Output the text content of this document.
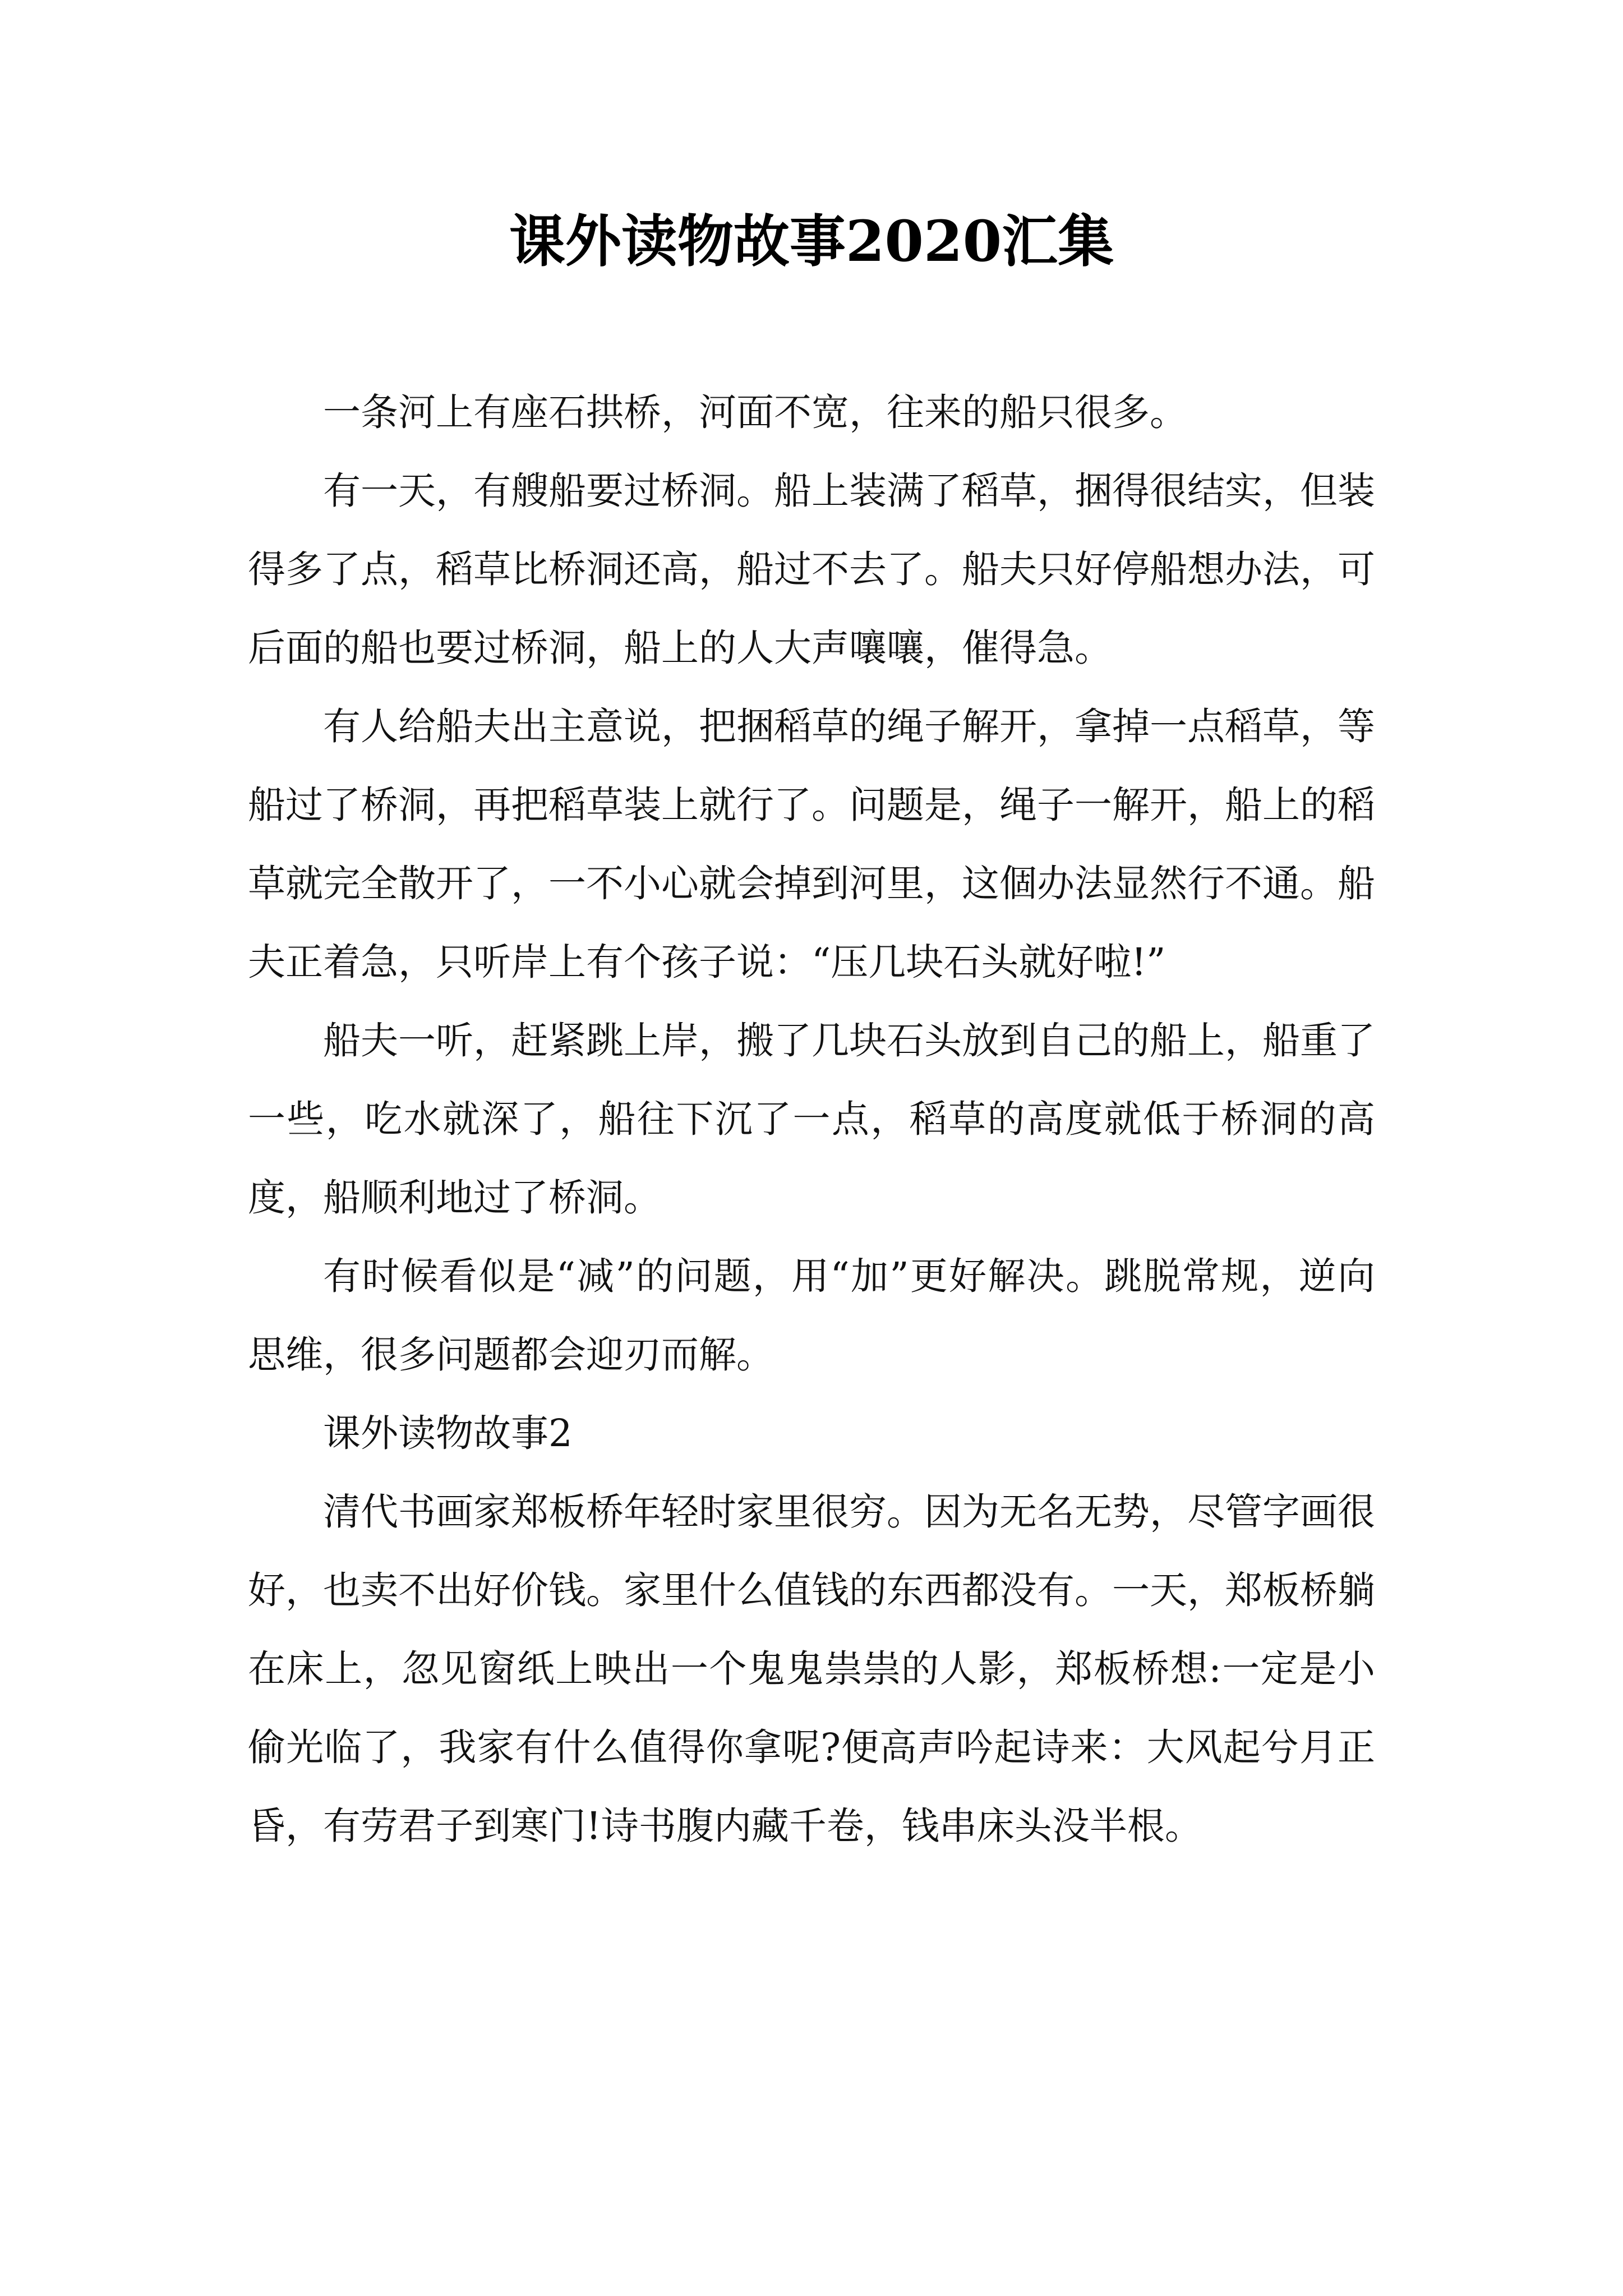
课外读物故事2020汇集

一条河上有座石拱桥，河面不宽，往来的船只很多。

有一天，有艘船要过桥洞。船上装满了稻草，捆得很结实，但装得多了点，稻草比桥洞还高，船过不去了。船夫只好停船想办法，可后面的船也要过桥洞，船上的人大声嚷嚷，催得急。

有人给船夫出主意说，把捆稻草的绳子解开，拿掉一点稻草，等船过了桥洞，再把稻草装上就行了。问题是，绳子一解开，船上的稻草就完全散开了，一不小心就会掉到河里，这個办法显然行不通。船夫正着急，只听岸上有个孩子说：“压几块石头就好啦!”

船夫一听，赶紧跳上岸，搬了几块石头放到自己的船上，船重了一些，吃水就深了，船往下沉了一点，稻草的高度就低于桥洞的高度，船顺利地过了桥洞。

有时候看似是“减”的问题，用“加”更好解决。跳脱常规，逆向思维，很多问题都会迎刃而解。

课外读物故事2

清代书画家郑板桥年轻时家里很穷。因为无名无势，尽管字画很好，也卖不出好价钱。家里什么值钱的东西都没有。一天，郑板桥躺在床上，忽见窗纸上映出一个鬼鬼祟祟的人影，郑板桥想:一定是小偷光临了，我家有什么值得你拿呢?便高声吟起诗来：大风起兮月正昏，有劳君子到寒门!诗书腹内藏千卷，钱串床头没半根。
